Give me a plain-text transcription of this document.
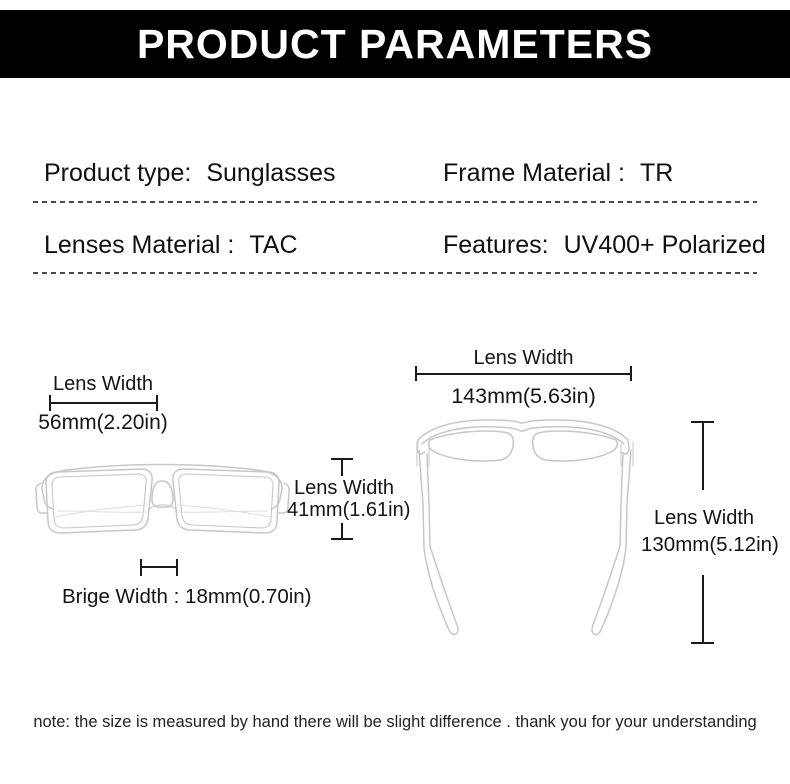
PRODUCT PARAMETERS
Product type: Sunglasses	Frame Material : TR
Lenses Material : TAC	Features: UV400+ Polarized
Lens Width
56mm(2.20in)
Brige Width : 18mm(0.70in)
Lens Width
41mm(1.61in)
Lens Width
143mm(5.63in)
Lens Width
130mm(5.12in)
note: the size is measured by hand there will be slight difference . thank you for your understanding
